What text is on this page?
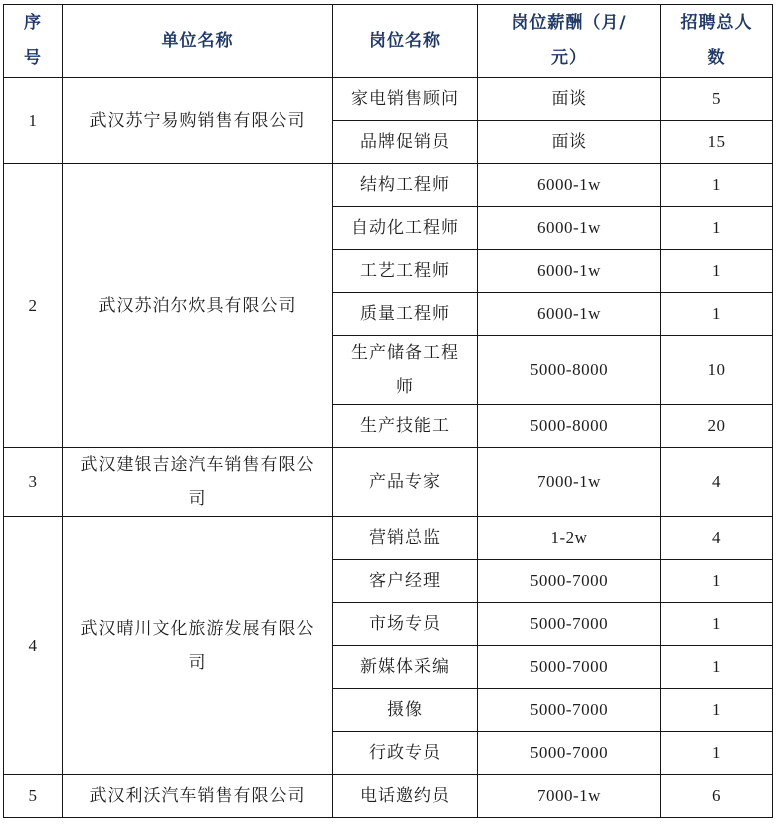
序号	单位名称	岗位名称	岗位薪酬（月/元）	招聘总人数
1	武汉苏宁易购销售有限公司	家电销售顾问	面谈	5
		品牌促销员	面谈	15
2	武汉苏泊尔炊具有限公司	结构工程师	6000-1w	1
		自动化工程师	6000-1w	1
		工艺工程师	6000-1w	1
		质量工程师	6000-1w	1
		生产储备工程师	5000-8000	10
		生产技能工	5000-8000	20
3	武汉建银吉途汽车销售有限公司	产品专家	7000-1w	4
4	武汉晴川文化旅游发展有限公司	营销总监	1-2w	4
		客户经理	5000-7000	1
		市场专员	5000-7000	1
		新媒体采编	5000-7000	1
		摄像	5000-7000	1
		行政专员	5000-7000	1
5	武汉利沃汽车销售有限公司	电话邀约员	7000-1w	6
